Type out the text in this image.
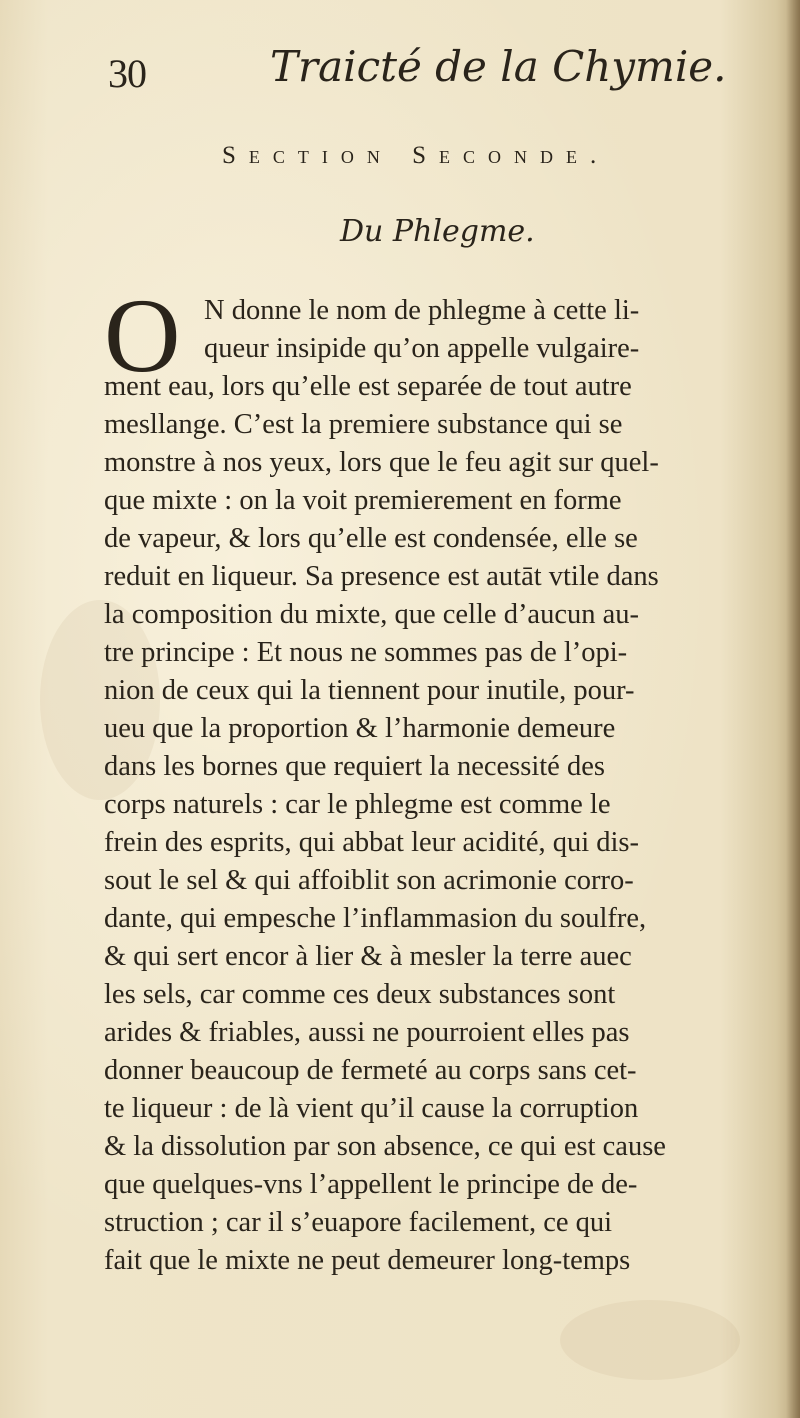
30	Traicté de la Chymie.
Section Seconde.
Du Phlegme.
O N donne le nom de phlegme à cette li-
queur insipide qu’on appelle vulgaire-
ment eau, lors qu’elle est separée de tout autre
mesllange. C’est la premiere substance qui se
monstre à nos yeux, lors que le feu agit sur quel-
que mixte : on la voit premierement en forme
de vapeur, & lors qu’elle est condensée, elle se
reduit en liqueur. Sa presence est autāt vtile dans
la composition du mixte, que celle d’aucun au-
tre principe : Et nous ne sommes pas de l’opi-
nion de ceux qui la tiennent pour inutile, pour-
ueu que la proportion & l’harmonie demeure
dans les bornes que requiert la necessité des
corps naturels : car le phlegme est comme le
frein des esprits, qui abbat leur acidité, qui dis-
sout le sel & qui affoiblit son acrimonie corro-
dante, qui empesche l’inflammasion du soulfre,
& qui sert encor à lier & à mesler la terre auec
les sels, car comme ces deux substances sont
arides & friables, aussi ne pourroient elles pas
donner beaucoup de fermeté au corps sans cet-
te liqueur : de là vient qu’il cause la corruption
& la dissolution par son absence, ce qui est cause
que quelques-vns l’appellent le principe de de-
struction ; car il s’euapore facilement, ce qui
fait que le mixte ne peut demeurer long-temps
